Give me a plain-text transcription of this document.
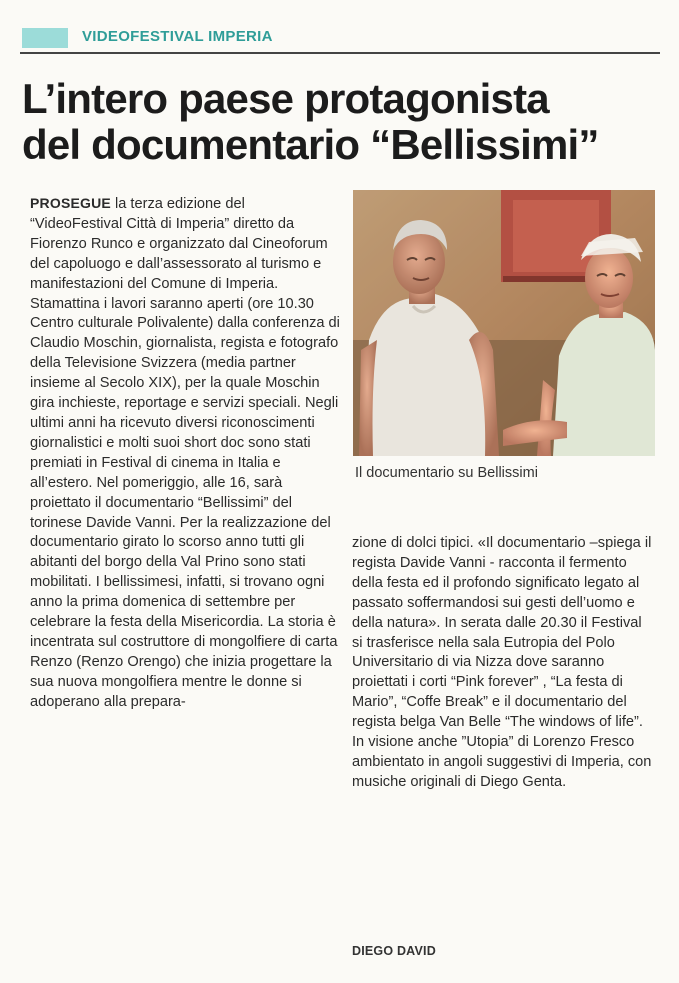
VIDEOFESTIVAL IMPERIA
L’intero paese protagonista
del documentario “Bellissimi”
PROSEGUE la terza edizione del “VideoFestival Città di Imperia” diretto da Fiorenzo Runco e organizzato dal Cineoforum del capoluogo e dall’assessorato al turismo e manifestazioni del Comune di Imperia. Stamattina i lavori saranno aperti (ore 10.30 Centro culturale Polivalente) dalla conferenza di Claudio Moschin, giornalista, regista e fotografo della Televisione Svizzera (media partner insieme al Secolo XIX), per la quale Moschin gira inchieste, reportage e servizi speciali. Negli ultimi anni ha ricevuto diversi riconoscimenti giornalistici e molti suoi short doc sono stati premiati in Festival di cinema in Italia e all’estero. Nel pomeriggio, alle 16, sarà proiettato il documentario “Bellissimi” del torinese Davide Vanni. Per la realizzazione del documentario girato lo scorso anno tutti gli abitanti del borgo della Val Prino sono stati mobilitati. I bellissimesi, infatti, si trovano ogni anno la prima domenica di settembre per celebrare la festa della Misericordia. La storia è incentrata sul costruttore di mongolfiere di carta Renzo (Renzo Orengo) che inizia progettare la sua nuova mongolfiera mentre le donne si adoperano alla prepara-
Il documentario su Bellissimi
zione di dolci tipici. «Il documentario –spiega il regista Davide Vanni - racconta il fermento della festa ed il profondo significato legato al passato soffermandosi sui gesti dell’uomo e della natura». In serata dalle 20.30 il Festival si trasferisce nella sala Eutropia del Polo Universitario di via Nizza dove saranno proiettati i corti “Pink forever” , “La festa di Mario”, “Coffe Break” e il documentario del regista belga Van Belle “The windows of life”. In visione anche ”Utopia” di Lorenzo Fresco ambientato in angoli suggestivi di Imperia, con musiche originali di Diego Genta.
DIEGO DAVID
